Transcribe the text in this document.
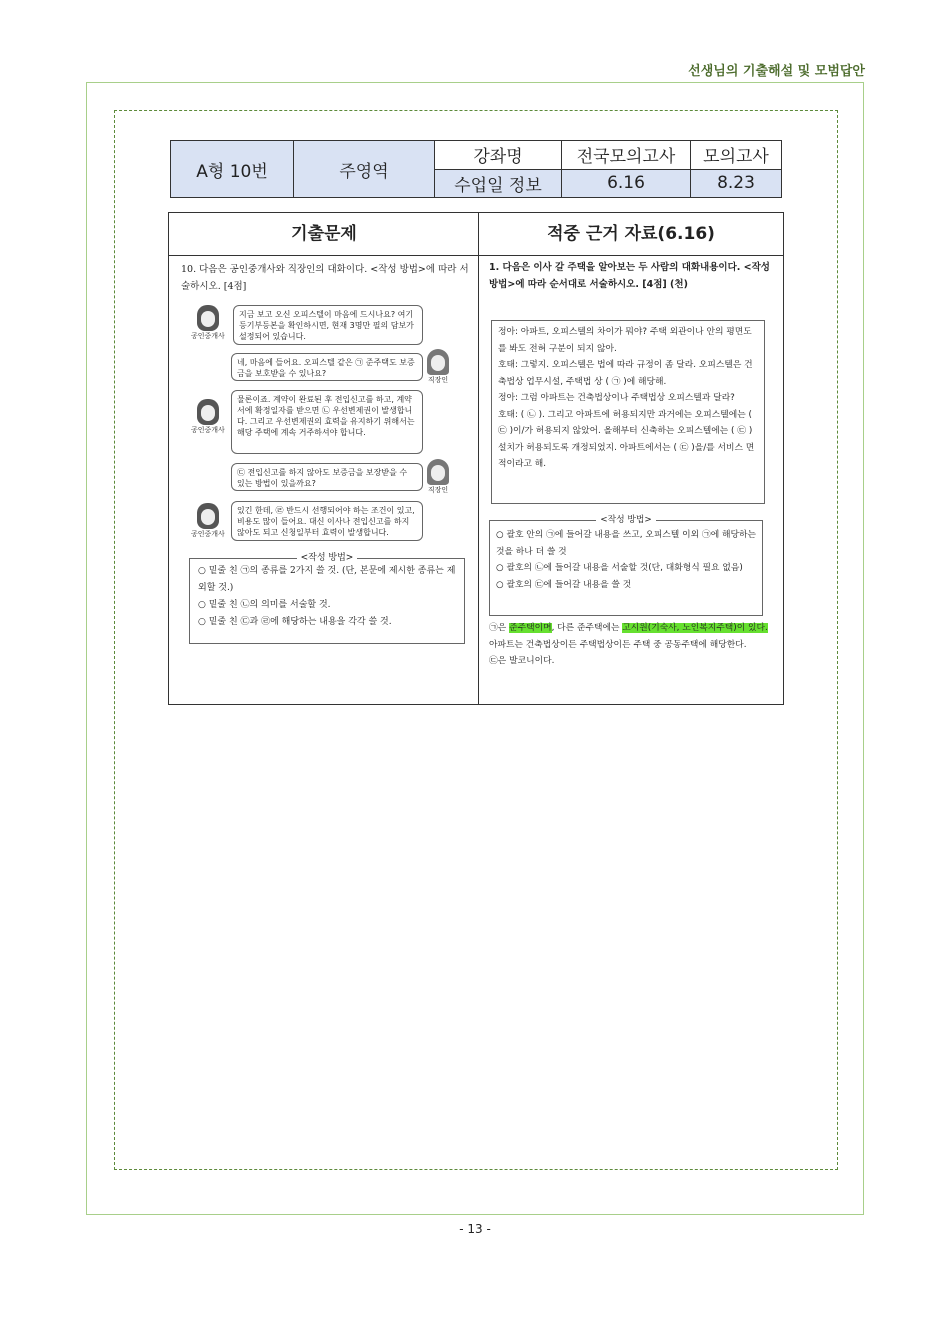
선생님의 기출해설 및 모범답안
A형 10번	주영역	강좌명	전국모의고사	모의고사
		수업일 정보	6.16	8.23
기출문제	적중 근거 자료(6.16)
10. 다음은 공인중개사와 직장인의 대화이다. <작성 방법>에 따라 서술하시오. [4점]
공인중개사
지금 보고 오신 오피스텔이 마음에 드시나요? 여기 등기부등본을 확인하시면, 현재 3명만 필의 담보가 설정되어 있습니다.
네, 마음에 들어요. 오피스텔 같은 ㉠ 준주택도 보증금을 보호받을 수 있나요?
직장인
공인중개사
물론이죠. 계약이 완료된 후 전입신고를 하고, 계약서에 확정일자를 받으면 ㉡ 우선변제권이 발생합니다. 그리고 우선변제권의 효력을 유지하기 위해서는 해당 주택에 계속 거주하셔야 합니다.
㉢ 전입신고를 하지 않아도 보증금을 보장받을 수 있는 방법이 있을까요?
직장인
공인중개사
있긴 한데, ㉣ 반드시 선행되어야 하는 조건이 있고, 비용도 많이 들어요. 대신 이사나 전입신고를 하지 않아도 되고 신청일부터 효력이 발생합니다.
<작성 방법>
○ 밑줄 친 ㉠의 종류를 2가지 쓸 것. (단, 본문에 제시한 종류는 제외할 것.)
○ 밑줄 친 ㉡의 의미를 서술할 것.
○ 밑줄 친 ㉢과 ㉣에 해당하는 내용을 각각 쓸 것.
1. 다음은 이사 갈 주택을 알아보는 두 사람의 대화내용이다. <작성 방법>에 따라 순서대로 서술하시오. [4점] (천)
정아: 아파트, 오피스텔의 차이가 뭐야? 주택 외관이나 안의 평면도를 봐도 전혀 구분이 되지 않아.
호태: 그렇지. 오피스텔은 법에 따라 규정이 좀 달라. 오피스텔은 건축법상 업무시설, 주택법 상 ( ㉠ )에 해당해.
정아: 그럼 아파트는 건축법상이나 주택법상 오피스텔과 달라?
호태: ( ㉡ ). 그리고 아파트에 허용되지만 과거에는 오피스텔에는 ( ㉢ )이/가 허용되지 않았어. 올해부터 신축하는 오피스텔에는 ( ㉢ ) 설치가 허용되도록 개정되었지. 아파트에서는 ( ㉢ )을/를 서비스 면적이라고 해.
<작성 방법>
○ 괄호 안의 ㉠에 들어갈 내용을 쓰고, 오피스텔 이외 ㉠에 해당하는 것을 하나 더 쓸 것
○ 괄호의 ㉡에 들어갈 내용을 서술할 것(단, 대화형식 필요 없음)
○ 괄호의 ㉢에 들어갈 내용을 쓸 것
㉠은 준주택이며, 다른 준주택에는 고시원(기숙사, 노인복지주택)이 있다.
아파트는 건축법상이든 주택법상이든 주택 중 공동주택에 해당한다.
㉢은 발코니이다.
- 13 -
